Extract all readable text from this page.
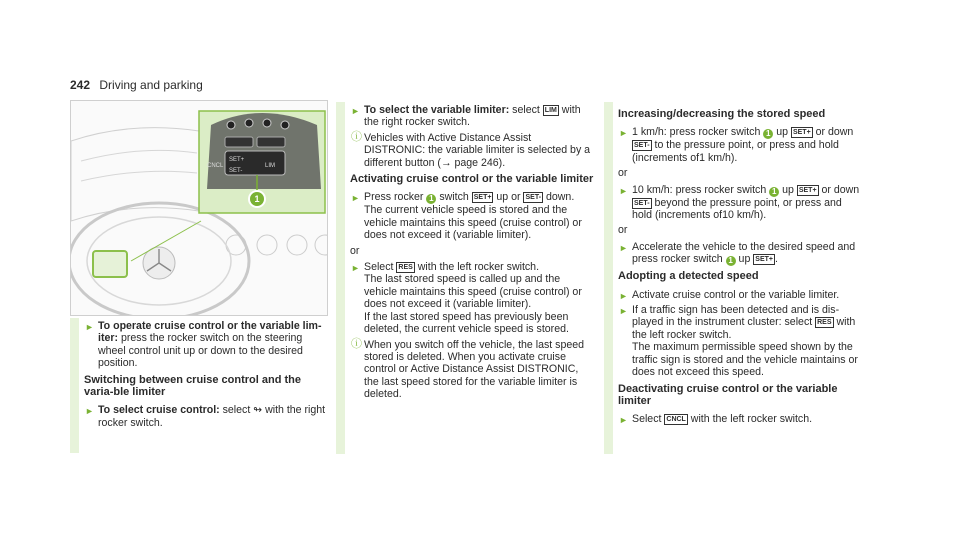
242 Driving and parking
SET+
SET-
LIM
CNCL
1
► To operate cruise control or the variable lim-iter: press the rocker switch on the steering wheel control unit up or down to the desired position.
Switching between cruise control and the varia-ble limiter
► To select cruise control: select ↬ with the right rocker switch.
► To select the variable limiter: select LIM with the right rocker switch.
ⓘ Vehicles with Active Distance Assist DISTRONIC: the variable limiter is selected by a different button (→ page 246).
Activating cruise control or the variable limiter
► Press rocker 1 switch SET+ up or SET- down.
The current vehicle speed is stored and the vehicle maintains this speed (cruise control) or does not exceed it (variable limiter).

or

► Select RES with the left rocker switch.
The last stored speed is called up and the vehicle maintains this speed (cruise control) or does not exceed it (variable limiter).
If the last stored speed has previously been deleted, the current vehicle speed is stored.
ⓘ When you switch off the vehicle, the last speed stored is deleted. When you activate cruise control or Active Distance Assist DISTRONIC, the last speed stored for the variable limiter is deleted.
Increasing/decreasing the stored speed
► 1 km/h: press rocker switch 1 up SET+ or down SET- to the pressure point, or press and hold (increments of1 km/h).

or

► 10 km/h: press rocker switch 1 up SET+ or down SET- beyond the pressure point, or press and hold (increments of10 km/h).

or

► Accelerate the vehicle to the desired speed and press rocker switch 1 up SET+ .
Adopting a detected speed
► Activate cruise control or the variable limiter.
► If a traffic sign has been detected and is dis-played in the instrument cluster: select RES with the left rocker switch.
The maximum permissible speed shown by the traffic sign is stored and the vehicle maintains or does not exceed this speed.
Deactivating cruise control or the variable limiter
► Select CNCL with the left rocker switch.
